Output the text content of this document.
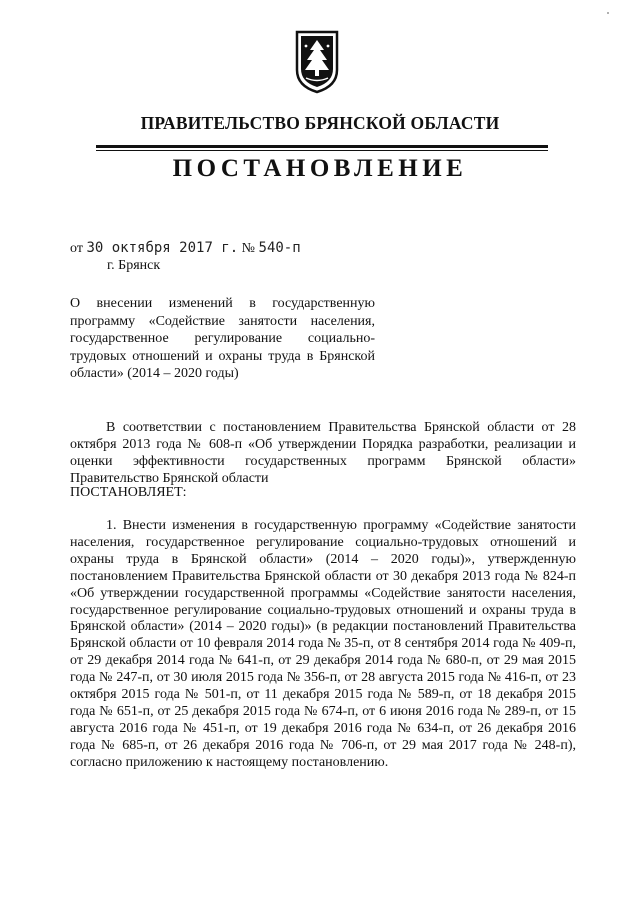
ПРАВИТЕЛЬСТВО БРЯНСКОЙ ОБЛАСТИ
ПОСТАНОВЛЕНИЕ
от 30 октября 2017 г. № 540-п
г. Брянск

О внесении изменений в государственную программу «Содействие занятости населения, государственное регулирование социально-трудовых отношений и охраны труда в Брянской области» (2014 – 2020 годы)

В соответствии с постановлением Правительства Брянской области от 28 октября 2013 года № 608-п «Об утверждении Порядка разработки, реализации и оценки эффективности государственных программ Брянской области» Правительство Брянской области

ПОСТАНОВЛЯЕТ:

1. Внести изменения в государственную программу «Содействие занятости населения, государственное регулирование социально-трудовых отношений и охраны труда в Брянской области» (2014 – 2020 годы)», утвержденную постановлением Правительства Брянской области от 30 декабря 2013 года № 824-п «Об утверждении государственной программы «Содействие занятости населения, государственное регулирование социально-трудовых отношений и охраны труда в Брянской области» (2014 – 2020 годы)» (в редакции постановлений Правительства Брянской области от 10 февраля 2014 года № 35-п, от 8 сентября 2014 года № 409-п, от 29 декабря 2014 года № 641-п, от 29 декабря 2014 года № 680-п, от 29 мая 2015 года № 247-п, от 30 июля 2015 года № 356-п, от 28 августа 2015 года № 416-п, от 23 октября 2015 года № 501-п, от 11 декабря 2015 года № 589-п, от 18 декабря 2015 года № 651-п, от 25 декабря 2015 года № 674-п, от 6 июня 2016 года № 289-п, от 15 августа 2016 года № 451-п, от 19 декабря 2016 года № 634-п, от 26 декабря 2016 года № 685-п, от 26 декабря 2016 года № 706-п, от 29 мая 2017 года № 248-п), согласно приложению к настоящему постановлению.
